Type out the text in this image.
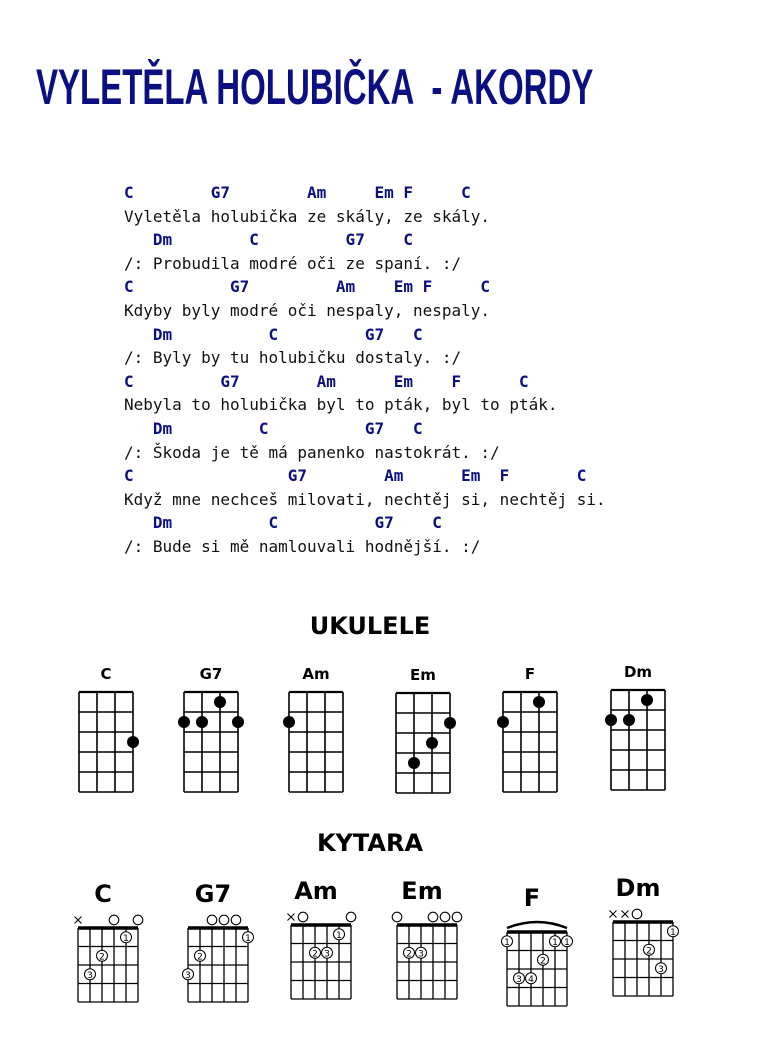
VYLETĚLA HOLUBIČKA  - AKORDY
C        G7        Am     Em F     C
Vyletěla holubička ze skály, ze skály.
Dm        C         G7    C
/: Probudila modré oči ze spaní. :/
C          G7         Am    Em F     C
Kdyby byly modré oči nespaly, nespaly.
Dm          C         G7   C
/: Byly by tu holubičku dostaly. :/
C         G7        Am      Em    F      C
Nebyla to holubička byl to pták, byl to pták.
Dm         C          G7   C
/: Škoda je tě má panenko nastokrát. :/
C                G7        Am      Em  F       C
Když mne nechceš milovati, nechtěj si, nechtěj si.
Dm          C          G7    C
/: Bude si mě namlouvali hodnější. :/
UKULELE
C	G7	Am	Em	F	Dm
KYTARA
C
1
2
3
G7
1
2
3
Am
1
2 3
Em
2 3
F
1	1 1
2
3 4
Dm
1
2
3
